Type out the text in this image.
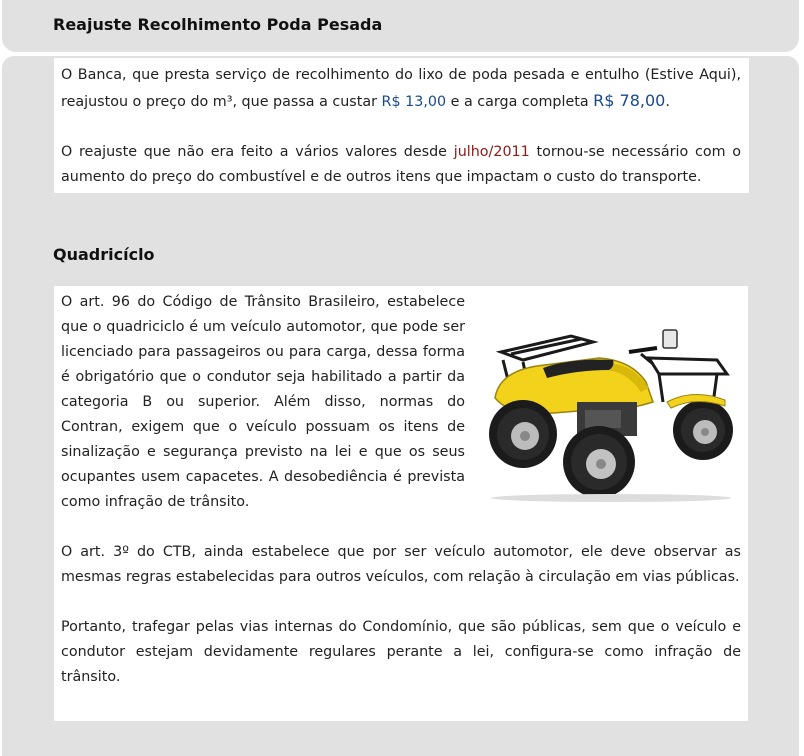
Reajuste Recolhimento Poda Pesada

O Banca, que presta serviço de recolhimento do lixo de poda pesada e entulho (Estive Aqui), reajustou o preço do m³, que passa a custar R$ 13,00 e a carga completa R$ 78,00.

O reajuste que não era feito a vários valores desde julho/2011 tornou-se necessário com o aumento do preço do combustível e de outros itens que impactam o custo do transporte.

Quadricíclo

O art. 96 do Código de Trânsito Brasileiro, estabelece que o quadriciclo é um veículo automotor, que pode ser licenciado para passageiros ou para carga, dessa forma é obrigatório que o condutor seja habilitado a partir da categoria B ou superior. Além disso, normas do Contran, exigem que o veículo possuam os itens de sinalização e segurança previsto na lei e que os seus ocupantes usem capacetes. A desobediência é prevista como infração de trânsito.

O art. 3º do CTB, ainda estabelece que por ser veículo automotor, ele deve observar as mesmas regras estabelecidas para outros veículos, com relação à circulação em vias públicas.

Portanto, trafegar pelas vias internas do Condomínio, que são públicas, sem que o veículo e condutor estejam devidamente regulares perante a lei, configura-se como infração de trânsito.
